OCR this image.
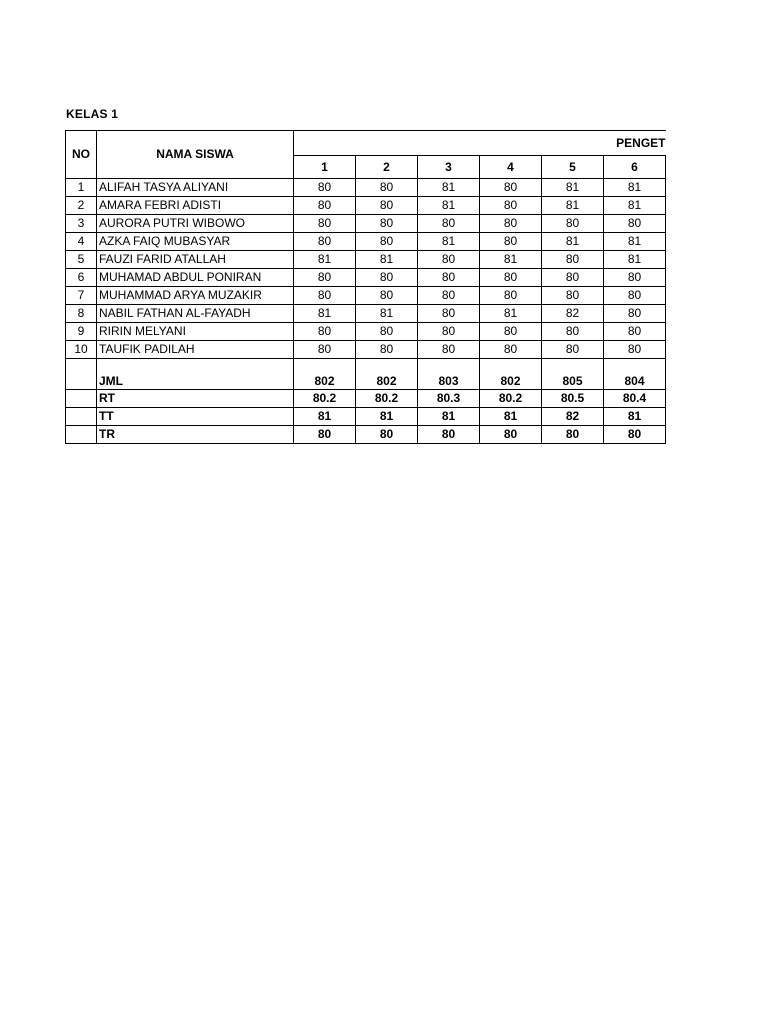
KELAS 1
NO	NAMA SISWA	PENGET					
		1	2	3	4	5	6
1	ALIFAH TASYA ALIYANI	80	80	81	80	81	81
2	AMARA FEBRI ADISTI	80	80	81	80	81	81
3	AURORA PUTRI WIBOWO	80	80	80	80	80	80
4	AZKA FAIQ MUBASYAR	80	80	81	80	81	81
5	FAUZI FARID ATALLAH	81	81	80	81	80	81
6	MUHAMAD ABDUL PONIRAN	80	80	80	80	80	80
7	MUHAMMAD ARYA MUZAKIR	80	80	80	80	80	80
8	NABIL FATHAN AL-FAYADH	81	81	80	81	82	80
9	RIRIN MELYANI	80	80	80	80	80	80
10	TAUFIK PADILAH	80	80	80	80	80	80
	JML	802	802	803	802	805	804
	RT	80.2	80.2	80.3	80.2	80.5	80.4
	TT	81	81	81	81	82	81
	TR	80	80	80	80	80	80
